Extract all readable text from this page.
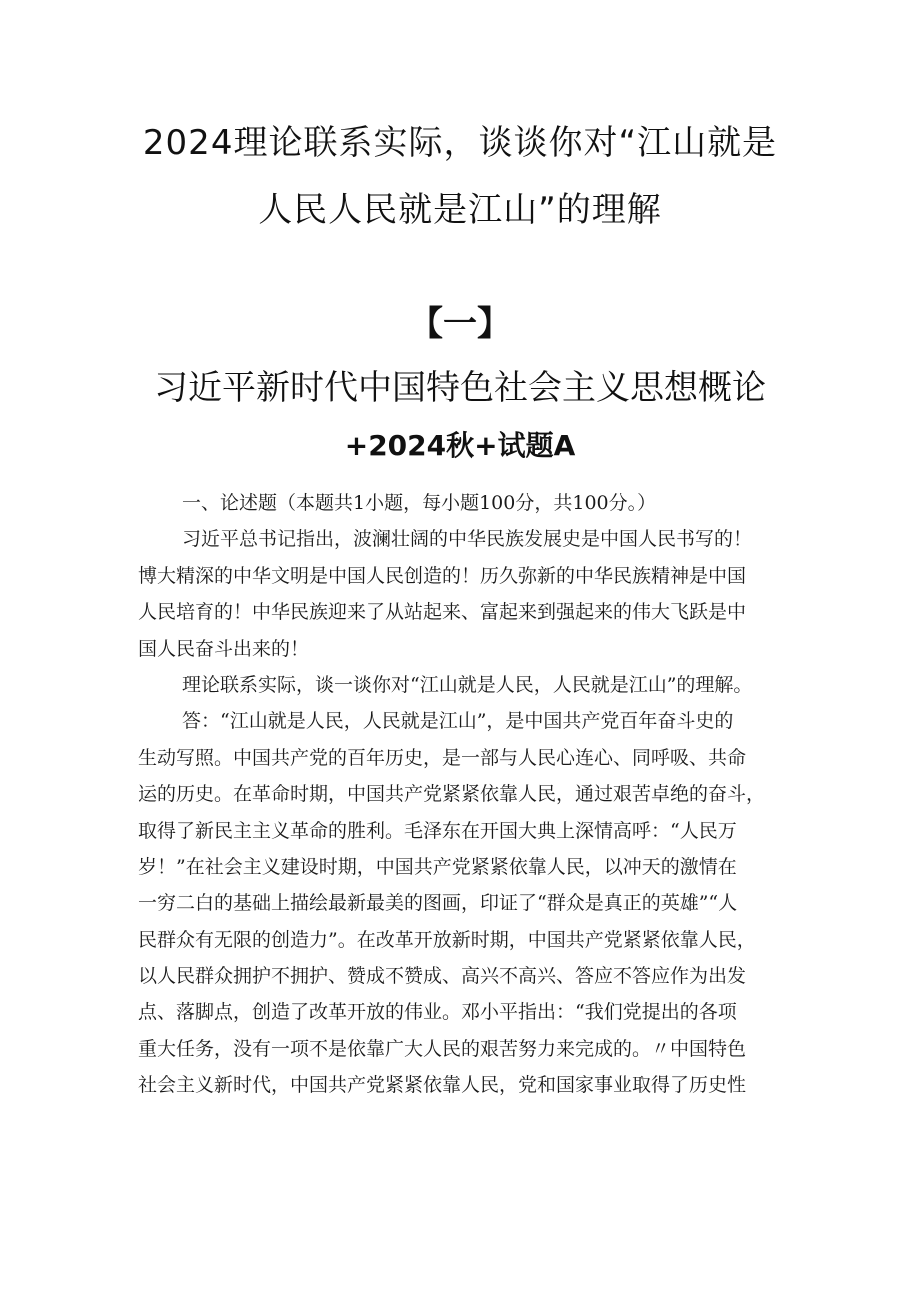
2024理论联系实际，谈谈你对“江山就是
人民人民就是江山”的理解
【一】
习近平新时代中国特色社会主义思想概论
+2024秋+试题A
一、论述题（本题共1小题，每小题100分，共100分。）
习近平总书记指出，波澜壮阔的中华民族发展史是中国人民书写的！
博大精深的中华文明是中国人民创造的！历久弥新的中华民族精神是中国
人民培育的！中华民族迎来了从站起来、富起来到强起来的伟大飞跃是中
国人民奋斗出来的！
理论联系实际，谈一谈你对“江山就是人民，人民就是江山”的理解。
答：“江山就是人民，人民就是江山”，是中国共产党百年奋斗史的
生动写照。中国共产党的百年历史，是一部与人民心连心、同呼吸、共命
运的历史。在革命时期，中国共产党紧紧依靠人民，通过艰苦卓绝的奋斗，
取得了新民主主义革命的胜利。毛泽东在开国大典上深情高呼：“人民万
岁！”在社会主义建设时期，中国共产党紧紧依靠人民，以冲天的激情在
一穷二白的基础上描绘最新最美的图画，印证了“群众是真正的英雄”“人
民群众有无限的创造力”。在改革开放新时期，中国共产党紧紧依靠人民，
以人民群众拥护不拥护、赞成不赞成、高兴不高兴、答应不答应作为出发
点、落脚点，创造了改革开放的伟业。邓小平指出：“我们党提出的各项
重大任务，没有一项不是依靠广大人民的艰苦努力来完成的。〃中国特色
社会主义新时代，中国共产党紧紧依靠人民，党和国家事业取得了历史性
